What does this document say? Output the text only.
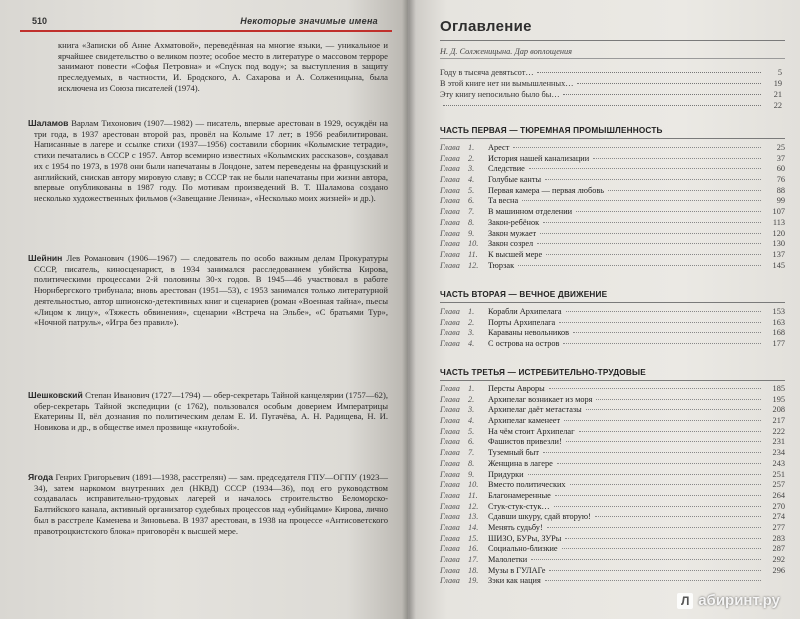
510	Некоторые значимые имена

книга «Записки об Анне Ахматовой», переведённая на многие языки, — уникальное и ярчайшее свидетельство о великом поэте; особое место в литературе о массовом терроре занимают повести «Софья Петровна» и «Спуск под воду»; за выступления в защиту преследуемых, в частности, И. Бродского, А. Сахарова и А. Солженицына, была исключена из Союза писателей (1974).

Шаламов Варлам Тихонович (1907—1982) — писатель, впервые арестован в 1929, осуждён на три года, в 1937 арестован второй раз, провёл на Колыме 17 лет; в 1956 реабилитирован. Написанные в лагере и ссылке стихи (1937—1956) составили сборник «Колымские тетради», стихи печатались в СССР с 1957. Автор всемирно известных «Колымских рассказов», создавал их с 1954 по 1973, в 1978 они были напечатаны в Лондоне, затем переведены на французский и английский, снискав автору мировую славу; в СССР так не были напечатаны при жизни автора, впервые опубликованы в 1987 году. По мотивам произведений В. Т. Шаламова создано несколько художественных фильмов («Завещание Ленина», «Несколько моих жизней» и др.).

Шейнин Лев Романович (1906—1967) — следователь по особо важным делам Прокуратуры СССР, писатель, киносценарист, в 1934 занимался расследованием убийства Кирова, политическими процессами 2-й половины 30-х годов. В 1945—46 участвовал в работе Нюрнбергского трибунала; вновь арестован (1951—53), с 1953 занимался только литературной деятельностью, автор шпионско-детективных книг и сценариев (роман «Военная тайна», пьесы «Лицом к лицу», «Тяжесть обвинения», сценарии «Встреча на Эльбе», «С братьями Тур», «Ночной патруль», «Игра без правил»).

Шешковский Степан Иванович (1727—1794) — обер-секретарь Тайной канцелярии (1757—62), обер-секретарь Тайной экспедиции (с 1762), пользовался особым доверием Императрицы Екатерины II, вёл дознания по политическим делам Е. И. Пугачёва, А. Н. Радищева, Н. И. Новикова и др., в обществе имел прозвище «кнутобой».

Ягода Генрих Григорьевич (1891—1938, расстрелян) — зам. председателя ГПУ—ОГПУ (1923—34), затем наркомом внутренних дел (НКВД) СССР (1934—36), под его руководством создавалась исправительно-трудовых лагерей и началось строительство Беломорско-Балтийского канала, активный организатор судебных процессов над «убийцами» Кирова, лично был в расстреле Каменева и Зиновьева. В 1937 арестован, в 1938 на процессе «Антисоветского правотроцкистского блока» приговорён к высшей мере.

Оглавление
Н. Д. Солженицына. Дар воплощения
Году в тысяча девятьсот…	5
В этой книге нет ни вымышленных…	19
Эту книгу непосильно было бы…	21
22
ЧАСТЬ ПЕРВАЯ — ТЮРЕМНАЯ ПРОМЫШЛЕННОСТЬ
Глава 1.	Арест	25
Глава 2.	История нашей канализации	37
Глава 3.	Следствие	60
Глава 4.	Голубые канты	76
Глава 5.	Первая камера — первая любовь	88
Глава 6.	Та весна	99
Глава 7.	В машинном отделении	107
Глава 8.	Закон-ребёнок	113
Глава 9.	Закон мужает	120
Глава 10.	Закон созрел	130
Глава 11.	К высшей мере	137
Глава 12.	Тюрзак	145
ЧАСТЬ ВТОРАЯ — ВЕЧНОЕ ДВИЖЕНИЕ
Глава 1.	Корабли Архипелага	153
Глава 2.	Порты Архипелага	163
Глава 3.	Караваны невольников	168
Глава 4.	С острова на остров	177
ЧАСТЬ ТРЕТЬЯ — ИСТРЕБИТЕЛЬНО-ТРУДОВЫЕ
Глава 1.	Персты Авроры	185
Глава 2.	Архипелаг возникает из моря	195
Глава 3.	Архипелаг даёт метастазы	208
Глава 4.	Архипелаг каменеет	217
Глава 5.	На чём стоит Архипелаг	222
Глава 6.	Фашистов привезли!	231
Глава 7.	Туземный быт	234
Глава 8.	Женщина в лагере	243
Глава 9.	Придурки	251
Глава 10.	Вместо политических	257
Глава 11.	Благонамеренные	264
Глава 12.	Стук-стук-стук…	270
Глава 13.	Сдавши шкуру, сдай вторую!	274
Глава 14.	Менять судьбу!	277
Глава 15.	ШИЗО, БУРы, ЗУРы	283
Глава 16.	Социально-близкие	287
Глава 17.	Малолетки	292
Глава 18.	Музы в ГУЛАГе	296
Глава 19.	Зэки как нация
Л абиринт.ру
